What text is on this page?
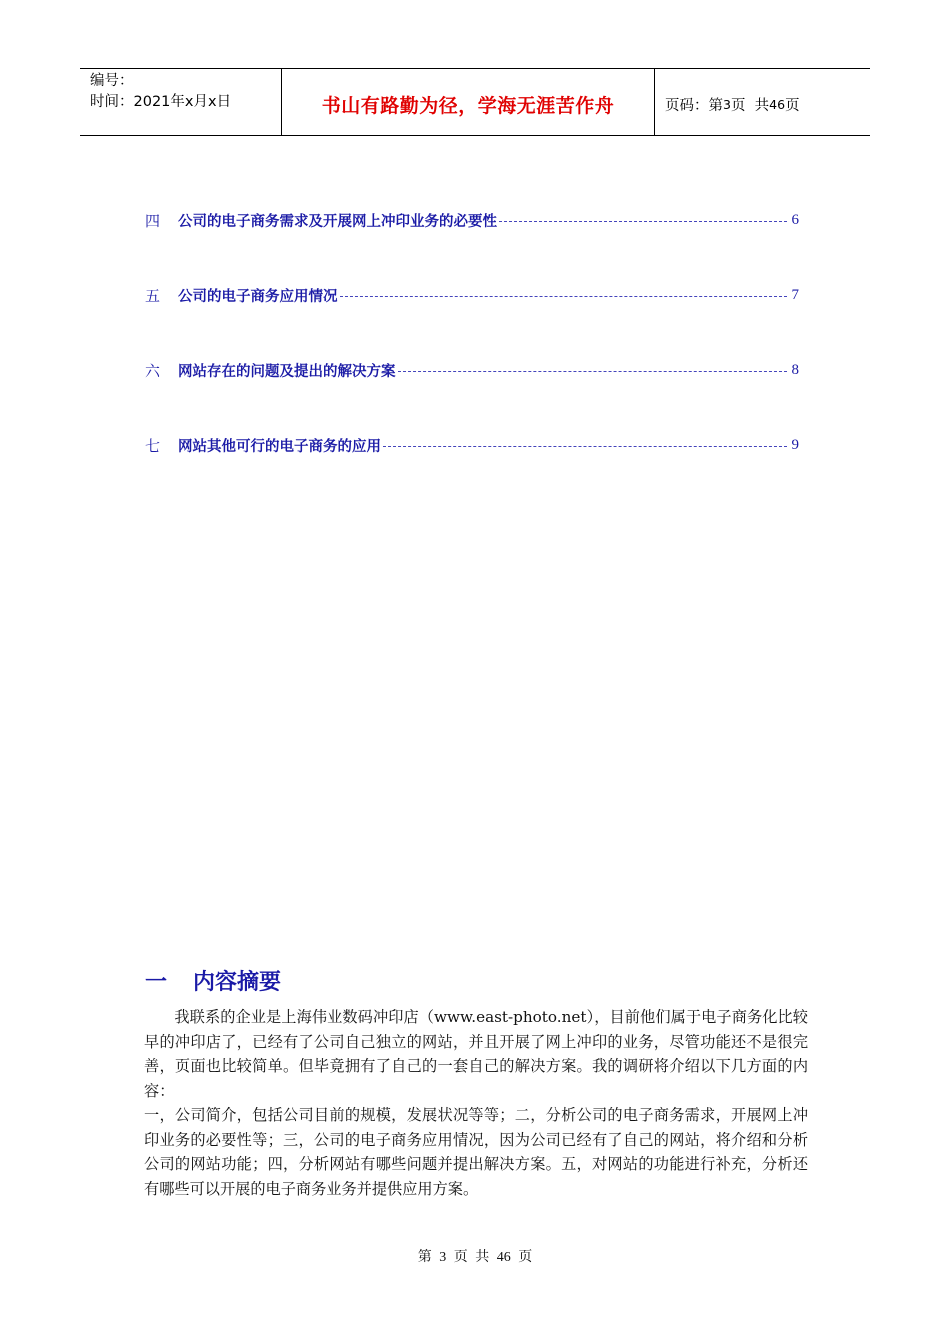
编号：
时间：2021年x月x日	书山有路勤为径，学海无涯苦作舟	页码：第 3 页  共 46 页
四	公司的电子商务需求及开展网上冲印业务的必要性	6
五	公司的电子商务应用情况	7
六	网站存在的问题及提出的解决方案	8
七	网站其他可行的电子商务的应用	9
一	内容摘要

我联系的企业是上海伟业数码冲印店（www.east-photo.net），目前他们属于电子商务化比较早的冲印店了，已经有了公司自己独立的网站，并且开展了网上冲印的业务，尽管功能还不是很完善，页面也比较简单。但毕竟拥有了自己的一套自己的解决方案。我的调研将介绍以下几方面的内容：

一，公司简介，包括公司目前的规模，发展状况等等；二，分析公司的电子商务需求，开展网上冲印业务的必要性等；三，公司的电子商务应用情况，因为公司已经有了自己的网站，将介绍和分析公司的网站功能；四，分析网站有哪些问题并提出解决方案。五，对网站的功能进行补充，分析还有哪些可以开展的电子商务业务并提供应用方案。

第 3 页 共 46 页
